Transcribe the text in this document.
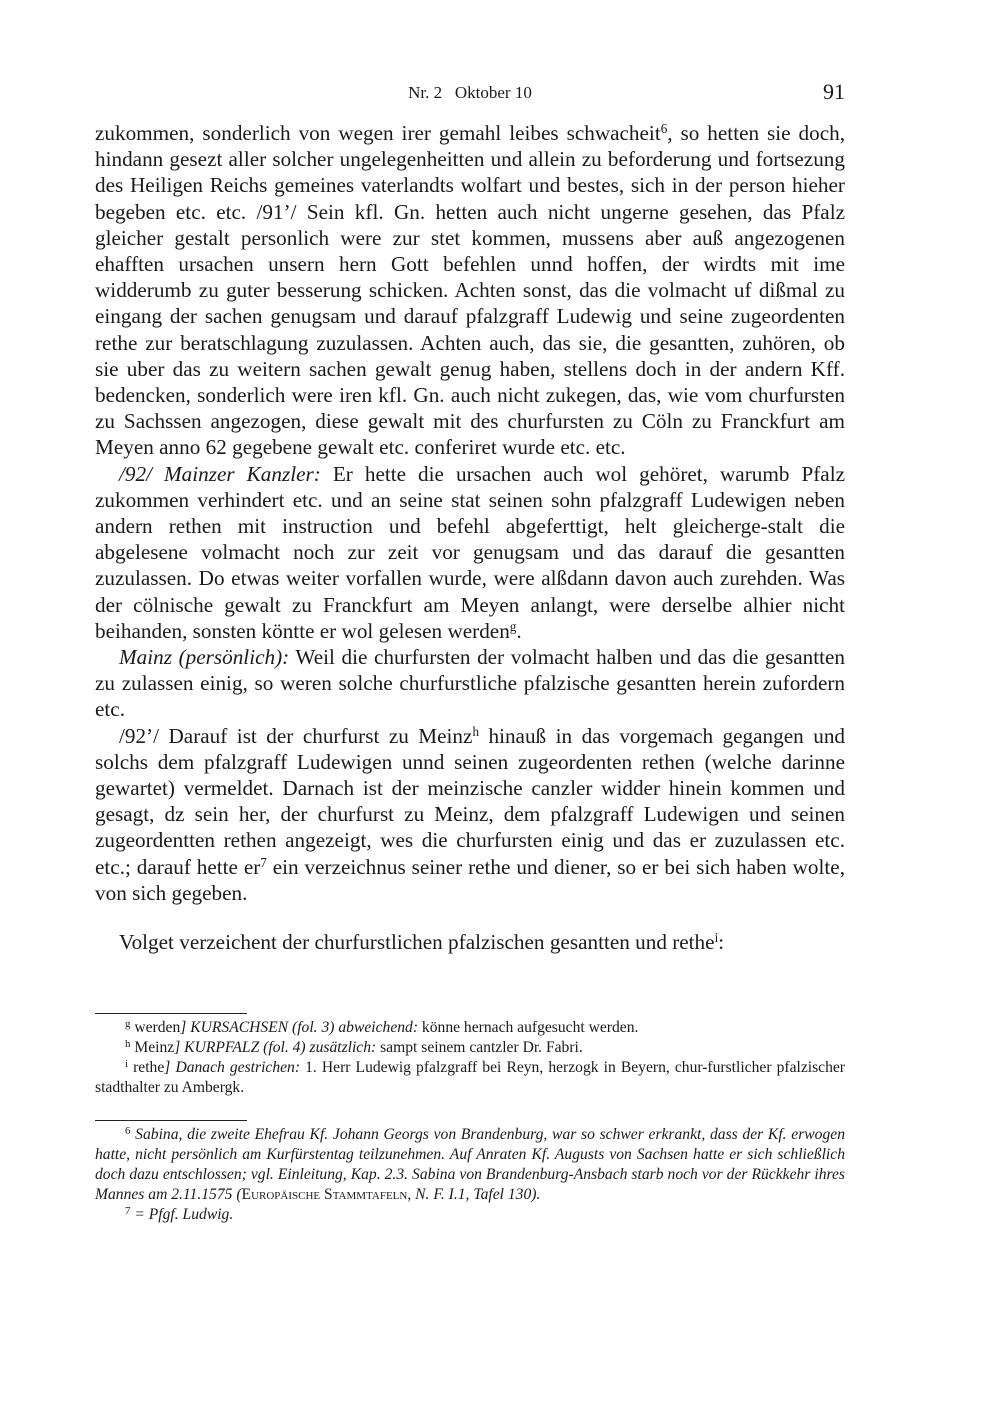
Nr. 2   Oktober 10	91

zukommen, sonderlich von wegen irer gemahl leibes schwacheit$^6$, so hetten sie doch, hindann gesezt aller solcher ungelegenheitten und allein zu beforderung und fortsezung des Heiligen Reichs gemeines vaterlandts wolfart und bestes, sich in der person hieher begeben etc. etc. /91’/ Sein kfl. Gn. hetten auch nicht ungerne gesehen, das Pfalz gleicher gestalt personlich were zur stet kommen, mussens aber auß angezogenen ehafften ursachen unsern hern Gott befehlen unnd hoffen, der wirdts mit ime widderumb zu guter besserung schicken. Achten sonst, das die volmacht uf dißmal zu eingang der sachen genugsam und darauf pfalzgraff Ludewig und seine zugeordenten rethe zur beratschlagung zuzulassen. Achten auch, das sie, die gesantten, zuhören, ob sie uber das zu weitern sachen gewalt genug haben, stellens doch in der andern Kff. bedencken, sonderlich were iren kfl. Gn. auch nicht zukegen, das, wie vom churfursten zu Sachssen angezogen, diese gewalt mit des churfursten zu Cöln zu Franckfurt am Meyen anno 62 gegebene gewalt etc. conferiret wurde etc. etc.

/92/ Mainzer Kanzler: Er hette die ursachen auch wol gehöret, warumb Pfalz zukommen verhindert etc. und an seine stat seinen sohn pfalzgraff Ludewigen neben andern rethen mit instruction und befehl abgeferttigt, helt gleicherge-stalt die abgelesene volmacht noch zur zeit vor genugsam und das darauf die gesantten zuzulassen. Do etwas weiter vorfallen wurde, were alßdann davon auch zurehden. Was der cölnische gewalt zu Franckfurt am Meyen anlangt, were derselbe alhier nicht beihanden, sonsten köntte er wol gelesen werden$^g$.

Mainz (persönlich): Weil die churfursten der volmacht halben und das die gesantten zu zulassen einig, so weren solche churfurstliche pfalzische gesantten herein zufordern etc.

/92’/ Darauf ist der churfurst zu Meinz$^h$ hinauß in das vorgemach gegangen und solchs dem pfalzgraff Ludewigen unnd seinen zugeordenten rethen (welche darinne gewartet) vermeldet. Darnach ist der meinzische canzler widder hinein kommen und gesagt, dz sein her, der churfurst zu Meinz, dem pfalzgraff Ludewigen und seinen zugeordentten rethen angezeigt, wes die churfursten einig und das er zuzulassen etc. etc.; darauf hette $er^7$ ein verzeichnus seiner rethe und diener, so er bei sich haben wolte, von sich gegeben.

Volget verzeichent der churfurstlichen pfalzischen gesantten und rethe$^i$:

$^g$ werden] KURSACHSEN (fol. 3) abweichend: könne hernach aufgesucht werden.

$^h$ Meinz] KURPFALZ (fol. 4) zusätzlich: sampt seinem cantzler Dr. Fabri.

$^i$ rethe] Danach gestrichen: 1. Herr Ludewig pfalzgraff bei Reyn, herzogk in Beyern, chur-furstlicher pfalzischer stadthalter zu Ambergk.

$^6$ Sabina, die zweite Ehefrau Kf. Johann Georgs von Brandenburg, war so schwer erkrankt, dass der Kf. erwogen hatte, nicht persönlich am Kurfürstentag teilzunehmen. Auf Anraten Kf. Augusts von Sachsen hatte er sich schließlich doch dazu entschlossen; vgl. Einleitung, Kap. 2.3. Sabina von Brandenburg-Ansbach starb noch vor der Rückkehr ihres Mannes am 2.11.1575 (Europäische Stammtafeln, N. F. I.1, Tafel 130).

$^7$ = Pfgf. Ludwig.
